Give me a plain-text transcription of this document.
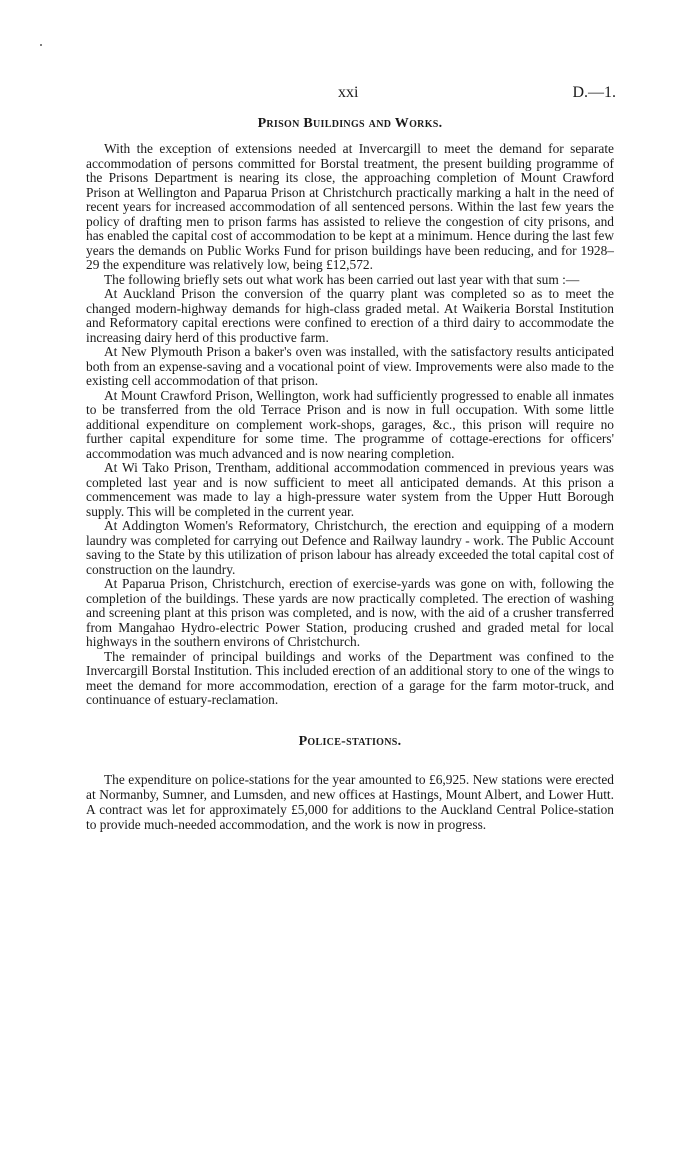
xxi	D.—1.
Prison Buildings and Works.

With the exception of extensions needed at Invercargill to meet the demand for separate accommodation of persons committed for Borstal treatment, the present building programme of the Prisons Department is nearing its close, the approaching completion of Mount Crawford Prison at Wellington and Paparua Prison at Christchurch practically marking a halt in the need of recent years for increased accommodation of all sentenced persons. Within the last few years the policy of drafting men to prison farms has assisted to relieve the congestion of city prisons, and has enabled the capital cost of accommodation to be kept at a minimum. Hence during the last few years the demands on Public Works Fund for prison buildings have been reducing, and for 1928–29 the expenditure was relatively low, being £12,572.

The following briefly sets out what work has been carried out last year with that sum :—

At Auckland Prison the conversion of the quarry plant was completed so as to meet the changed modern-highway demands for high-class graded metal. At Waikeria Borstal Institution and Reformatory capital erections were confined to erection of a third dairy to accommodate the increasing dairy herd of this productive farm.

At New Plymouth Prison a baker's oven was installed, with the satisfactory results anticipated both from an expense-saving and a vocational point of view. Improvements were also made to the existing cell accommodation of that prison.

At Mount Crawford Prison, Wellington, work had sufficiently progressed to enable all inmates to be transferred from the old Terrace Prison and is now in full occupation. With some little additional expenditure on complement work-shops, garages, &c., this prison will require no further capital expenditure for some time. The programme of cottage-erections for officers' accommodation was much advanced and is now nearing completion.

At Wi Tako Prison, Trentham, additional accommodation commenced in previous years was completed last year and is now sufficient to meet all anticipated demands. At this prison a commencement was made to lay a high-pressure water system from the Upper Hutt Borough supply. This will be completed in the current year.

At Addington Women's Reformatory, Christchurch, the erection and equipping of a modern laundry was completed for carrying out Defence and Railway laundry - work. The Public Account saving to the State by this utilization of prison labour has already exceeded the total capital cost of construction on the laundry.

At Paparua Prison, Christchurch, erection of exercise-yards was gone on with, following the completion of the buildings. These yards are now practically completed. The erection of washing and screening plant at this prison was completed, and is now, with the aid of a crusher transferred from Mangahao Hydro-electric Power Station, producing crushed and graded metal for local highways in the southern environs of Christchurch.

The remainder of principal buildings and works of the Department was confined to the Invercargill Borstal Institution. This included erection of an additional story to one of the wings to meet the demand for more accommodation, erection of a garage for the farm motor-truck, and continuance of estuary-reclamation.

Police-stations.

The expenditure on police-stations for the year amounted to £6,925. New stations were erected at Normanby, Sumner, and Lumsden, and new offices at Hastings, Mount Albert, and Lower Hutt. A contract was let for approximately £5,000 for additions to the Auckland Central Police-station to provide much-needed accommodation, and the work is now in progress.
